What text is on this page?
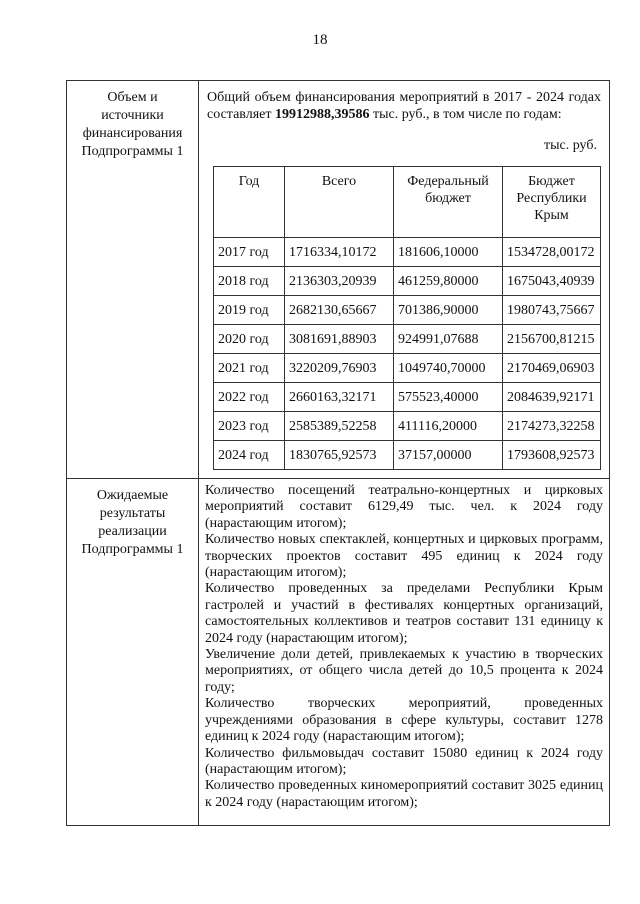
18
Объем и
источники
финансирования
Подпрограммы 1

Общий объем финансирования мероприятий в 2017 - 2024 годах составляет 19912988,39586 тыс. руб., в том числе по годам:

тыс. руб.
Год	Всего	Федеральный бюджет	Бюджет Республики Крым
2017 год	1716334,10172	181606,10000	1534728,00172
2018 год	2136303,20939	461259,80000	1675043,40939
2019 год	2682130,65667	701386,90000	1980743,75667
2020 год	3081691,88903	924991,07688	2156700,81215
2021 год	3220209,76903	1049740,70000	2170469,06903
2022 год	2660163,32171	575523,40000	2084639,92171
2023 год	2585389,52258	411116,20000	2174273,32258
2024 год	1830765,92573	37157,00000	1793608,92573

Ожидаемые
результаты
реализации
Подпрограммы 1

Количество посещений театрально-концертных и цирковых мероприятий составит 6129,49 тыс. чел. к 2024 году (нарастающим итогом);

Количество новых спектаклей, концертных и цирковых программ, творческих проектов составит 495 единиц к 2024 году (нарастающим итогом);

Количество проведенных за пределами Республики Крым гастролей и участий в фестивалях концертных организаций, самостоятельных коллективов и театров составит 131 единицу к 2024 году (нарастающим итогом);

Увеличение доли детей, привлекаемых к участию в творческих мероприятиях, от общего числа детей до 10,5 процента к 2024 году;

Количество творческих мероприятий, проведенных учреждениями образования в сфере культуры, составит 1278 единиц к 2024 году (нарастающим итогом);

Количество фильмовыдач составит 15080 единиц к 2024 году (нарастающим итогом);

Количество проведенных киномероприятий составит 3025 единиц к 2024 году (нарастающим итогом);
